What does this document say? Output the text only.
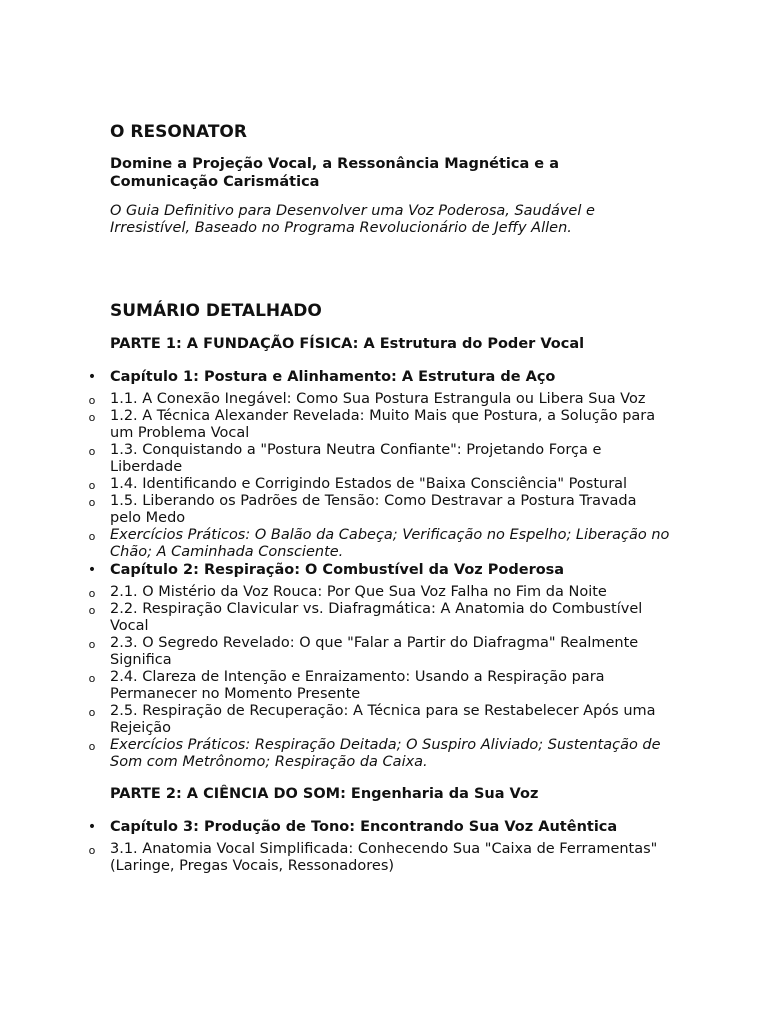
O RESONATOR

Domine a Projeção Vocal, a Ressonância Magnética e a Comunicação Carismática

O Guia Definitivo para Desenvolver uma Voz Poderosa, Saudável e Irresistível, Baseado no Programa Revolucionário de Jeffy Allen.

SUMÁRIO DETALHADO

PARTE 1: A FUNDAÇÃO FÍSICA: A Estrutura do Poder Vocal

• Capítulo 1: Postura e Alinhamento: A Estrutura de Aço
o 1.1. A Conexão Inegável: Como Sua Postura Estrangula ou Libera Sua Voz
o 1.2. A Técnica Alexander Revelada: Muito Mais que Postura, a Solução para um Problema Vocal
o 1.3. Conquistando a "Postura Neutra Confiante": Projetando Força e Liberdade
o 1.4. Identificando e Corrigindo Estados de "Baixa Consciência" Postural
o 1.5. Liberando os Padrões de Tensão: Como Destravar a Postura Travada pelo Medo
o Exercícios Práticos: O Balão da Cabeça; Verificação no Espelho; Liberação no Chão; A Caminhada Consciente.
• Capítulo 2: Respiração: O Combustível da Voz Poderosa
o 2.1. O Mistério da Voz Rouca: Por Que Sua Voz Falha no Fim da Noite
o 2.2. Respiração Clavicular vs. Diafragmática: A Anatomia do Combustível Vocal
o 2.3. O Segredo Revelado: O que "Falar a Partir do Diafragma" Realmente Significa
o 2.4. Clareza de Intenção e Enraizamento: Usando a Respiração para Permanecer no Momento Presente
o 2.5. Respiração de Recuperação: A Técnica para se Restabelecer Após uma Rejeição
o Exercícios Práticos: Respiração Deitada; O Suspiro Aliviado; Sustentação de Som com Metrônomo; Respiração da Caixa.

PARTE 2: A CIÊNCIA DO SOM: Engenharia da Sua Voz

• Capítulo 3: Produção de Tono: Encontrando Sua Voz Autêntica
o 3.1. Anatomia Vocal Simplificada: Conhecendo Sua "Caixa de Ferramentas" (Laringe, Pregas Vocais, Ressonadores)
